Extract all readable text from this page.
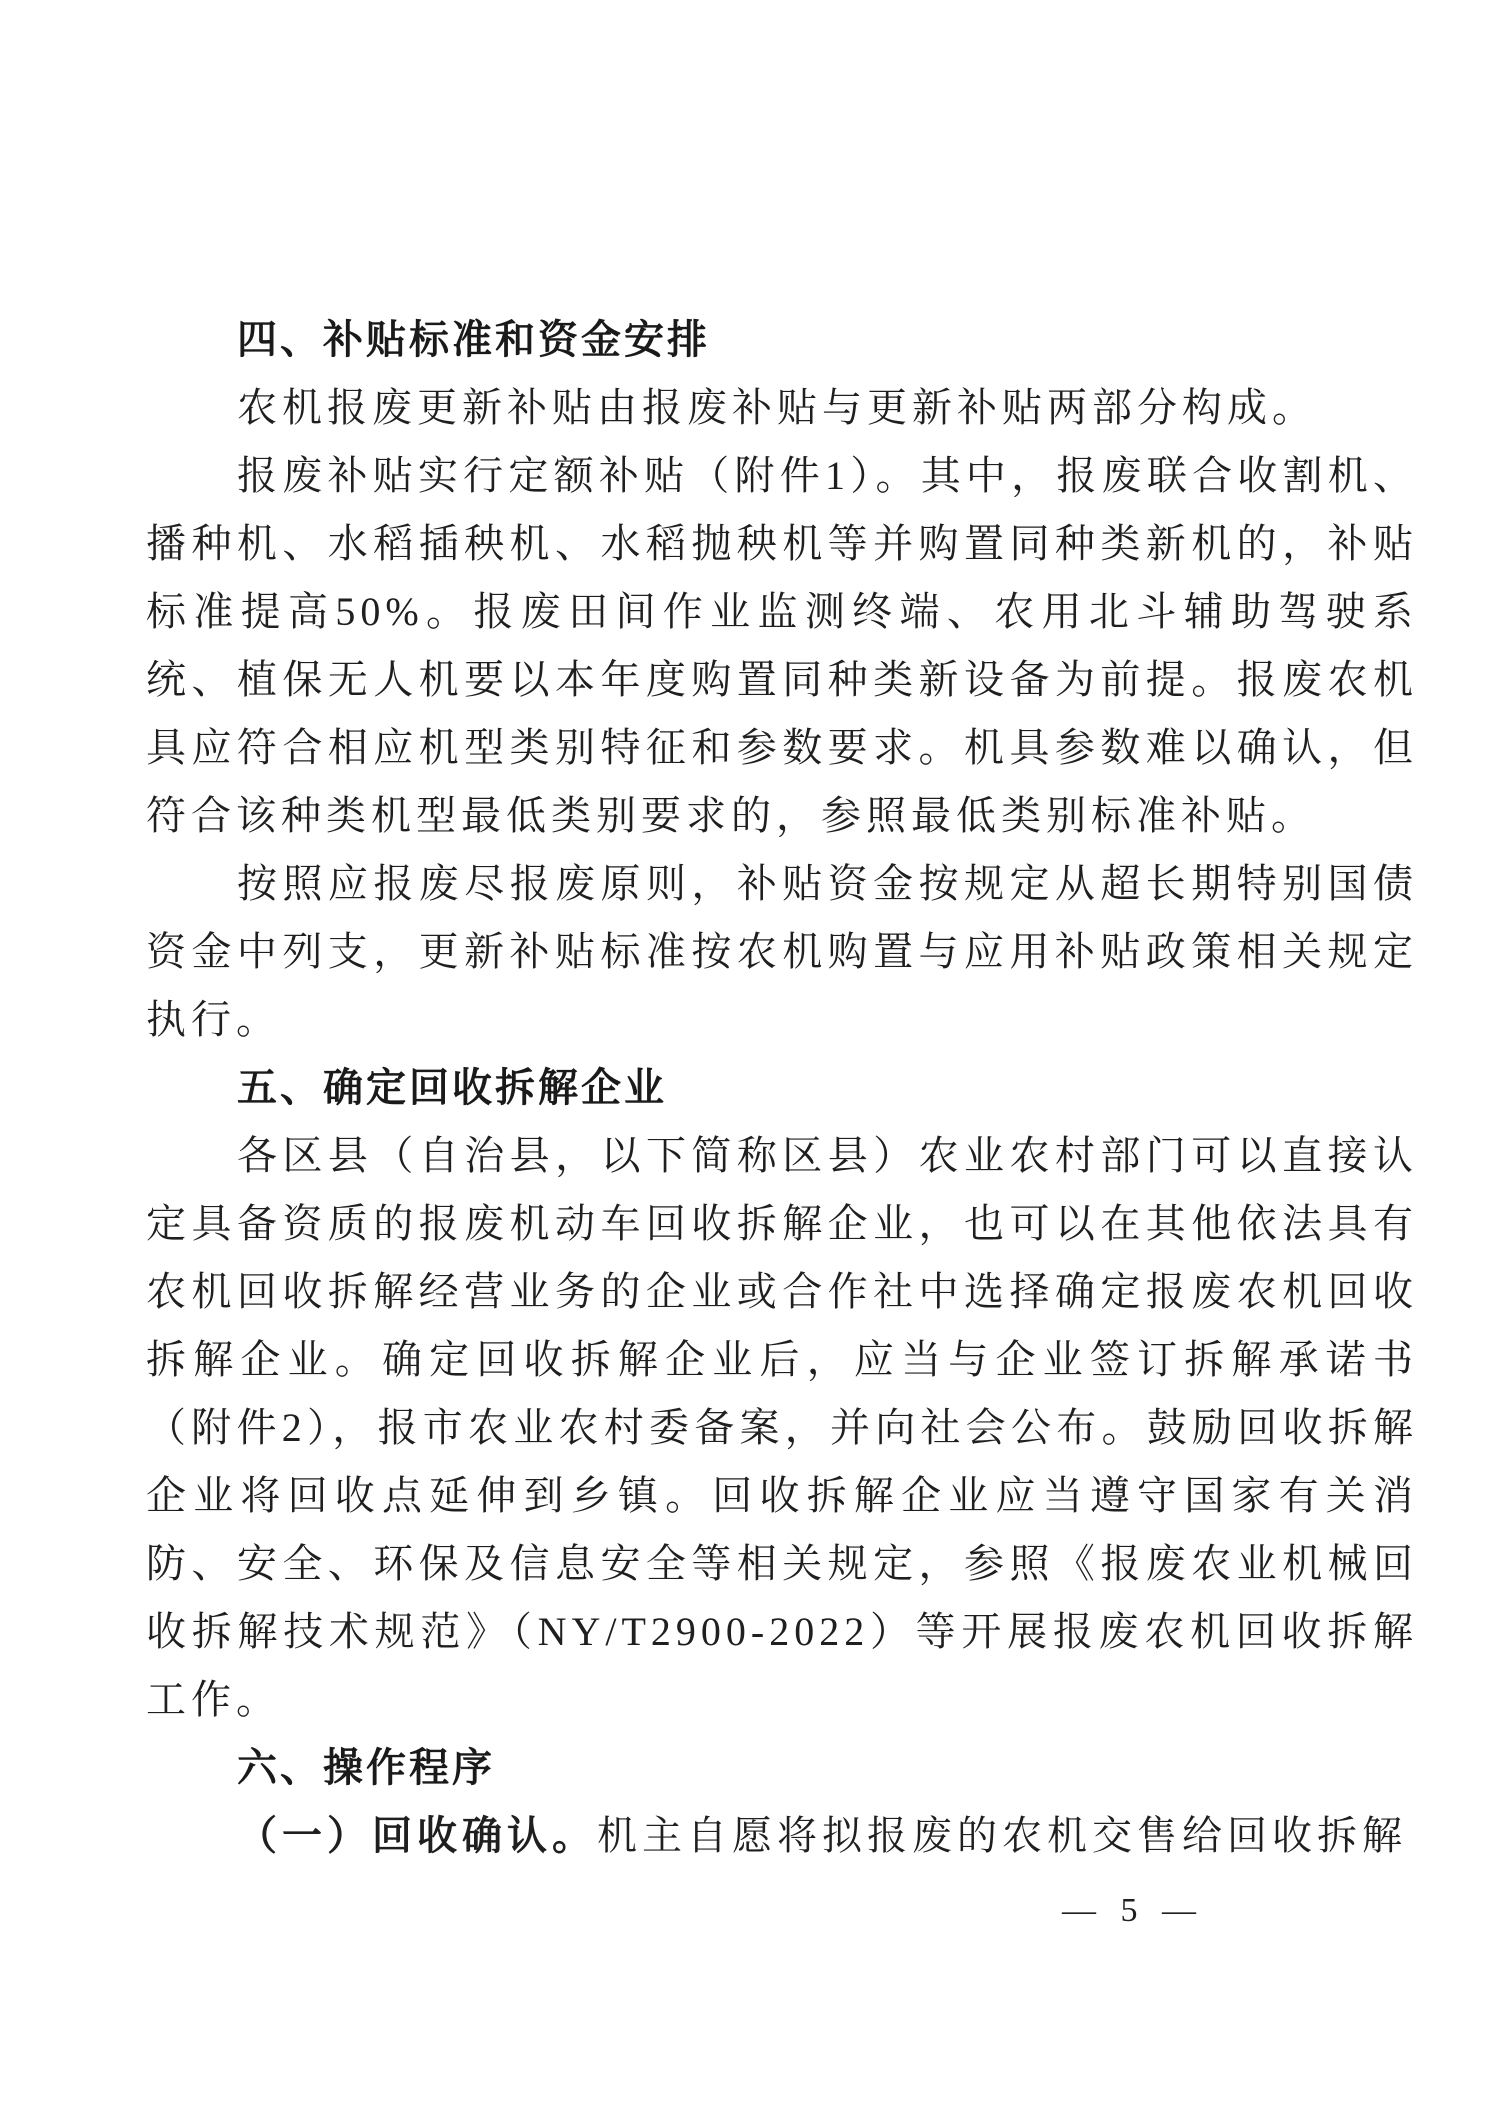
四、补贴标准和资金安排

农机报废更新补贴由报废补贴与更新补贴两部分构成。

报废补贴实行定额补贴（附件1）。其中，报废联合收割机、播种机、水稻插秧机、水稻抛秧机等并购置同种类新机的，补贴标准提高50%。报废田间作业监测终端、农用北斗辅助驾驶系统、植保无人机要以本年度购置同种类新设备为前提。报废农机具应符合相应机型类别特征和参数要求。机具参数难以确认，但符合该种类机型最低类别要求的，参照最低类别标准补贴。

按照应报废尽报废原则，补贴资金按规定从超长期特别国债资金中列支，更新补贴标准按农机购置与应用补贴政策相关规定执行。

五、确定回收拆解企业

各区县（自治县，以下简称区县）农业农村部门可以直接认定具备资质的报废机动车回收拆解企业，也可以在其他依法具有农机回收拆解经营业务的企业或合作社中选择确定报废农机回收拆解企业。确定回收拆解企业后，应当与企业签订拆解承诺书（附件2），报市农业农村委备案，并向社会公布。鼓励回收拆解企业将回收点延伸到乡镇。回收拆解企业应当遵守国家有关消防、安全、环保及信息安全等相关规定，参照《报废农业机械回收拆解技术规范》（NY/T2900-2022）等开展报废农机回收拆解工作。

六、操作程序

（一）回收确认。机主自愿将拟报废的农机交售给回收拆解

— 5 —
